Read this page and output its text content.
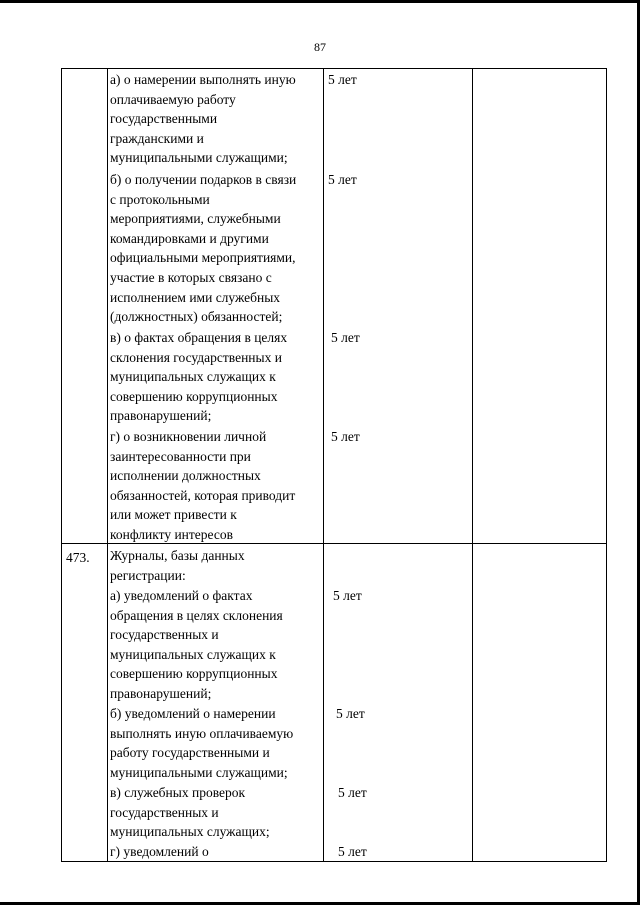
87
а) о намерении выполнять иную
оплачиваемую работу
государственными
гражданскими и
муниципальными служащими;
5 лет
б) о получении подарков в связи
с протокольными
мероприятиями, служебными
командировками и другими
официальными мероприятиями,
участие в которых связано с
исполнением ими служебных
(должностных) обязанностей;
5 лет
в) о фактах обращения в целях
склонения государственных и
муниципальных служащих к
совершению коррупционных
правонарушений;
5 лет
г) о возникновении личной
заинтересованности при
исполнении должностных
обязанностей, которая приводит
или может привести к
конфликту интересов
5 лет
473. Журналы, базы данных
регистрации:
а) уведомлений о фактах
обращения в целях склонения
государственных и
муниципальных служащих к
совершению коррупционных
правонарушений;
5 лет
б) уведомлений о намерении
выполнять иную оплачиваемую
работу государственными и
муниципальными служащими;
5 лет
в) служебных проверок
государственных и
муниципальных служащих;
5 лет
г) уведомлений о	5 лет
